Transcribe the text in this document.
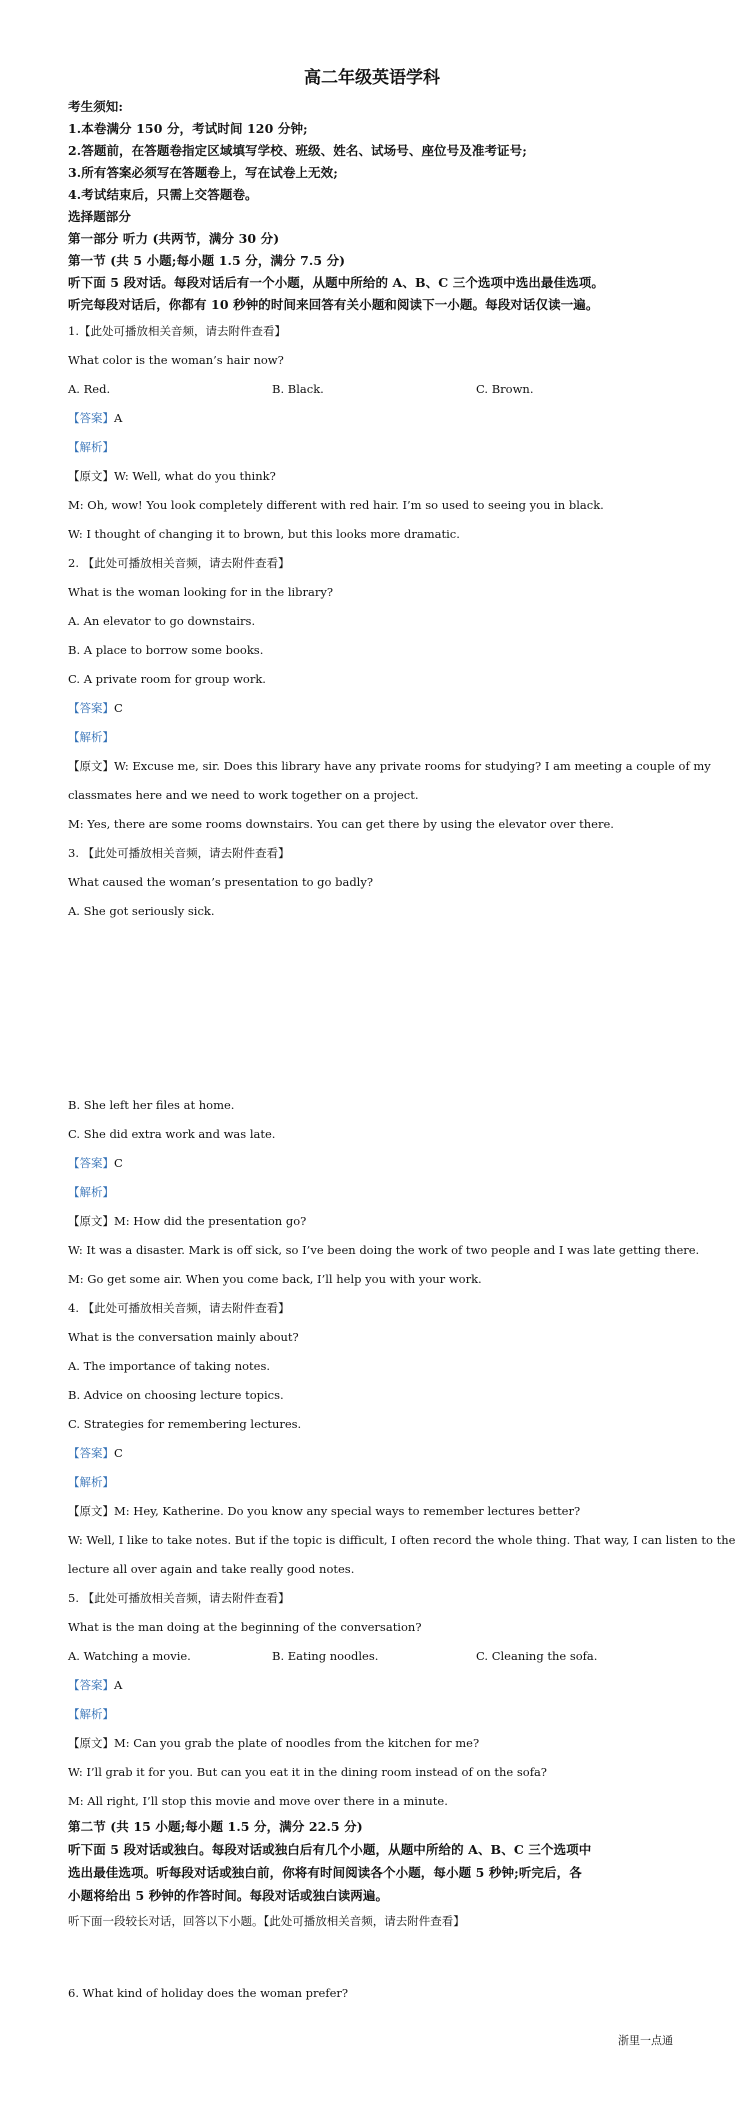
高二年级英语学科
考生须知:
1.本卷满分 150 分，考试时间 120 分钟;
2.答题前，在答题卷指定区域填写学校、班级、姓名、试场号、座位号及准考证号;
3.所有答案必须写在答题卷上，写在试卷上无效;
4.考试结束后，只需上交答题卷。
选择题部分
第一部分 听力 (共两节，满分 30 分)
第一节 (共 5 小题;每小题 1.5 分，满分 7.5 分)
听下面 5 段对话。每段对话后有一个小题，从题中所给的 A、B、C 三个选项中选出最佳选项。
听完每段对话后，你都有 10 秒钟的时间来回答有关小题和阅读下一小题。每段对话仅读一遍。
1.【此处可播放相关音频，请去附件查看】
What color is the woman’s hair now?
A. Red.	B. Black.	C. Brown.
【答案】A
【解析】
【原文】W: Well, what do you think?
M: Oh, wow! You look completely different with red hair. I’m so used to seeing you in black.
W: I thought of changing it to brown, but this looks more dramatic.
2. 【此处可播放相关音频，请去附件查看】
What is the woman looking for in the library?
A. An elevator to go downstairs.
B. A place to borrow some books.
C. A private room for group work.
【答案】C
【解析】
【原文】W: Excuse me, sir. Does this library have any private rooms for studying? I am meeting a couple of my
classmates here and we need to work together on a project.
M: Yes, there are some rooms downstairs. You can get there by using the elevator over there.
3. 【此处可播放相关音频，请去附件查看】
What caused the woman’s presentation to go badly?
A. She got seriously sick.
B. She left her files at home.
C. She did extra work and was late.
【答案】C
【解析】
【原文】M: How did the presentation go?
W: It was a disaster. Mark is off sick, so I’ve been doing the work of two people and I was late getting there.
M: Go get some air. When you come back, I’ll help you with your work.
4. 【此处可播放相关音频，请去附件查看】
What is the conversation mainly about?
A. The importance of taking notes.
B. Advice on choosing lecture topics.
C. Strategies for remembering lectures.
【答案】C
【解析】
【原文】M: Hey, Katherine. Do you know any special ways to remember lectures better?
W: Well, I like to take notes. But if the topic is difficult, I often record the whole thing. That way, I can listen to the
lecture all over again and take really good notes.
5. 【此处可播放相关音频，请去附件查看】
What is the man doing at the beginning of the conversation?
A. Watching a movie.	B. Eating noodles.	C. Cleaning the sofa.
【答案】A
【解析】
【原文】M: Can you grab the plate of noodles from the kitchen for me?
W: I’ll grab it for you. But can you eat it in the dining room instead of on the sofa?
M: All right, I’ll stop this movie and move over there in a minute.
第二节 (共 15 小题;每小题 1.5 分，满分 22.5 分)
听下面 5 段对话或独白。每段对话或独白后有几个小题，从题中所给的 A、B、C 三个选项中
选出最佳选项。听每段对话或独白前，你将有时间阅读各个小题，每小题 5 秒钟;听完后，各
小题将给出 5 秒钟的作答时间。每段对话或独白读两遍。
听下面一段较长对话，回答以下小题。【此处可播放相关音频，请去附件查看】
6. What kind of holiday does the woman prefer?
浙里一点通
